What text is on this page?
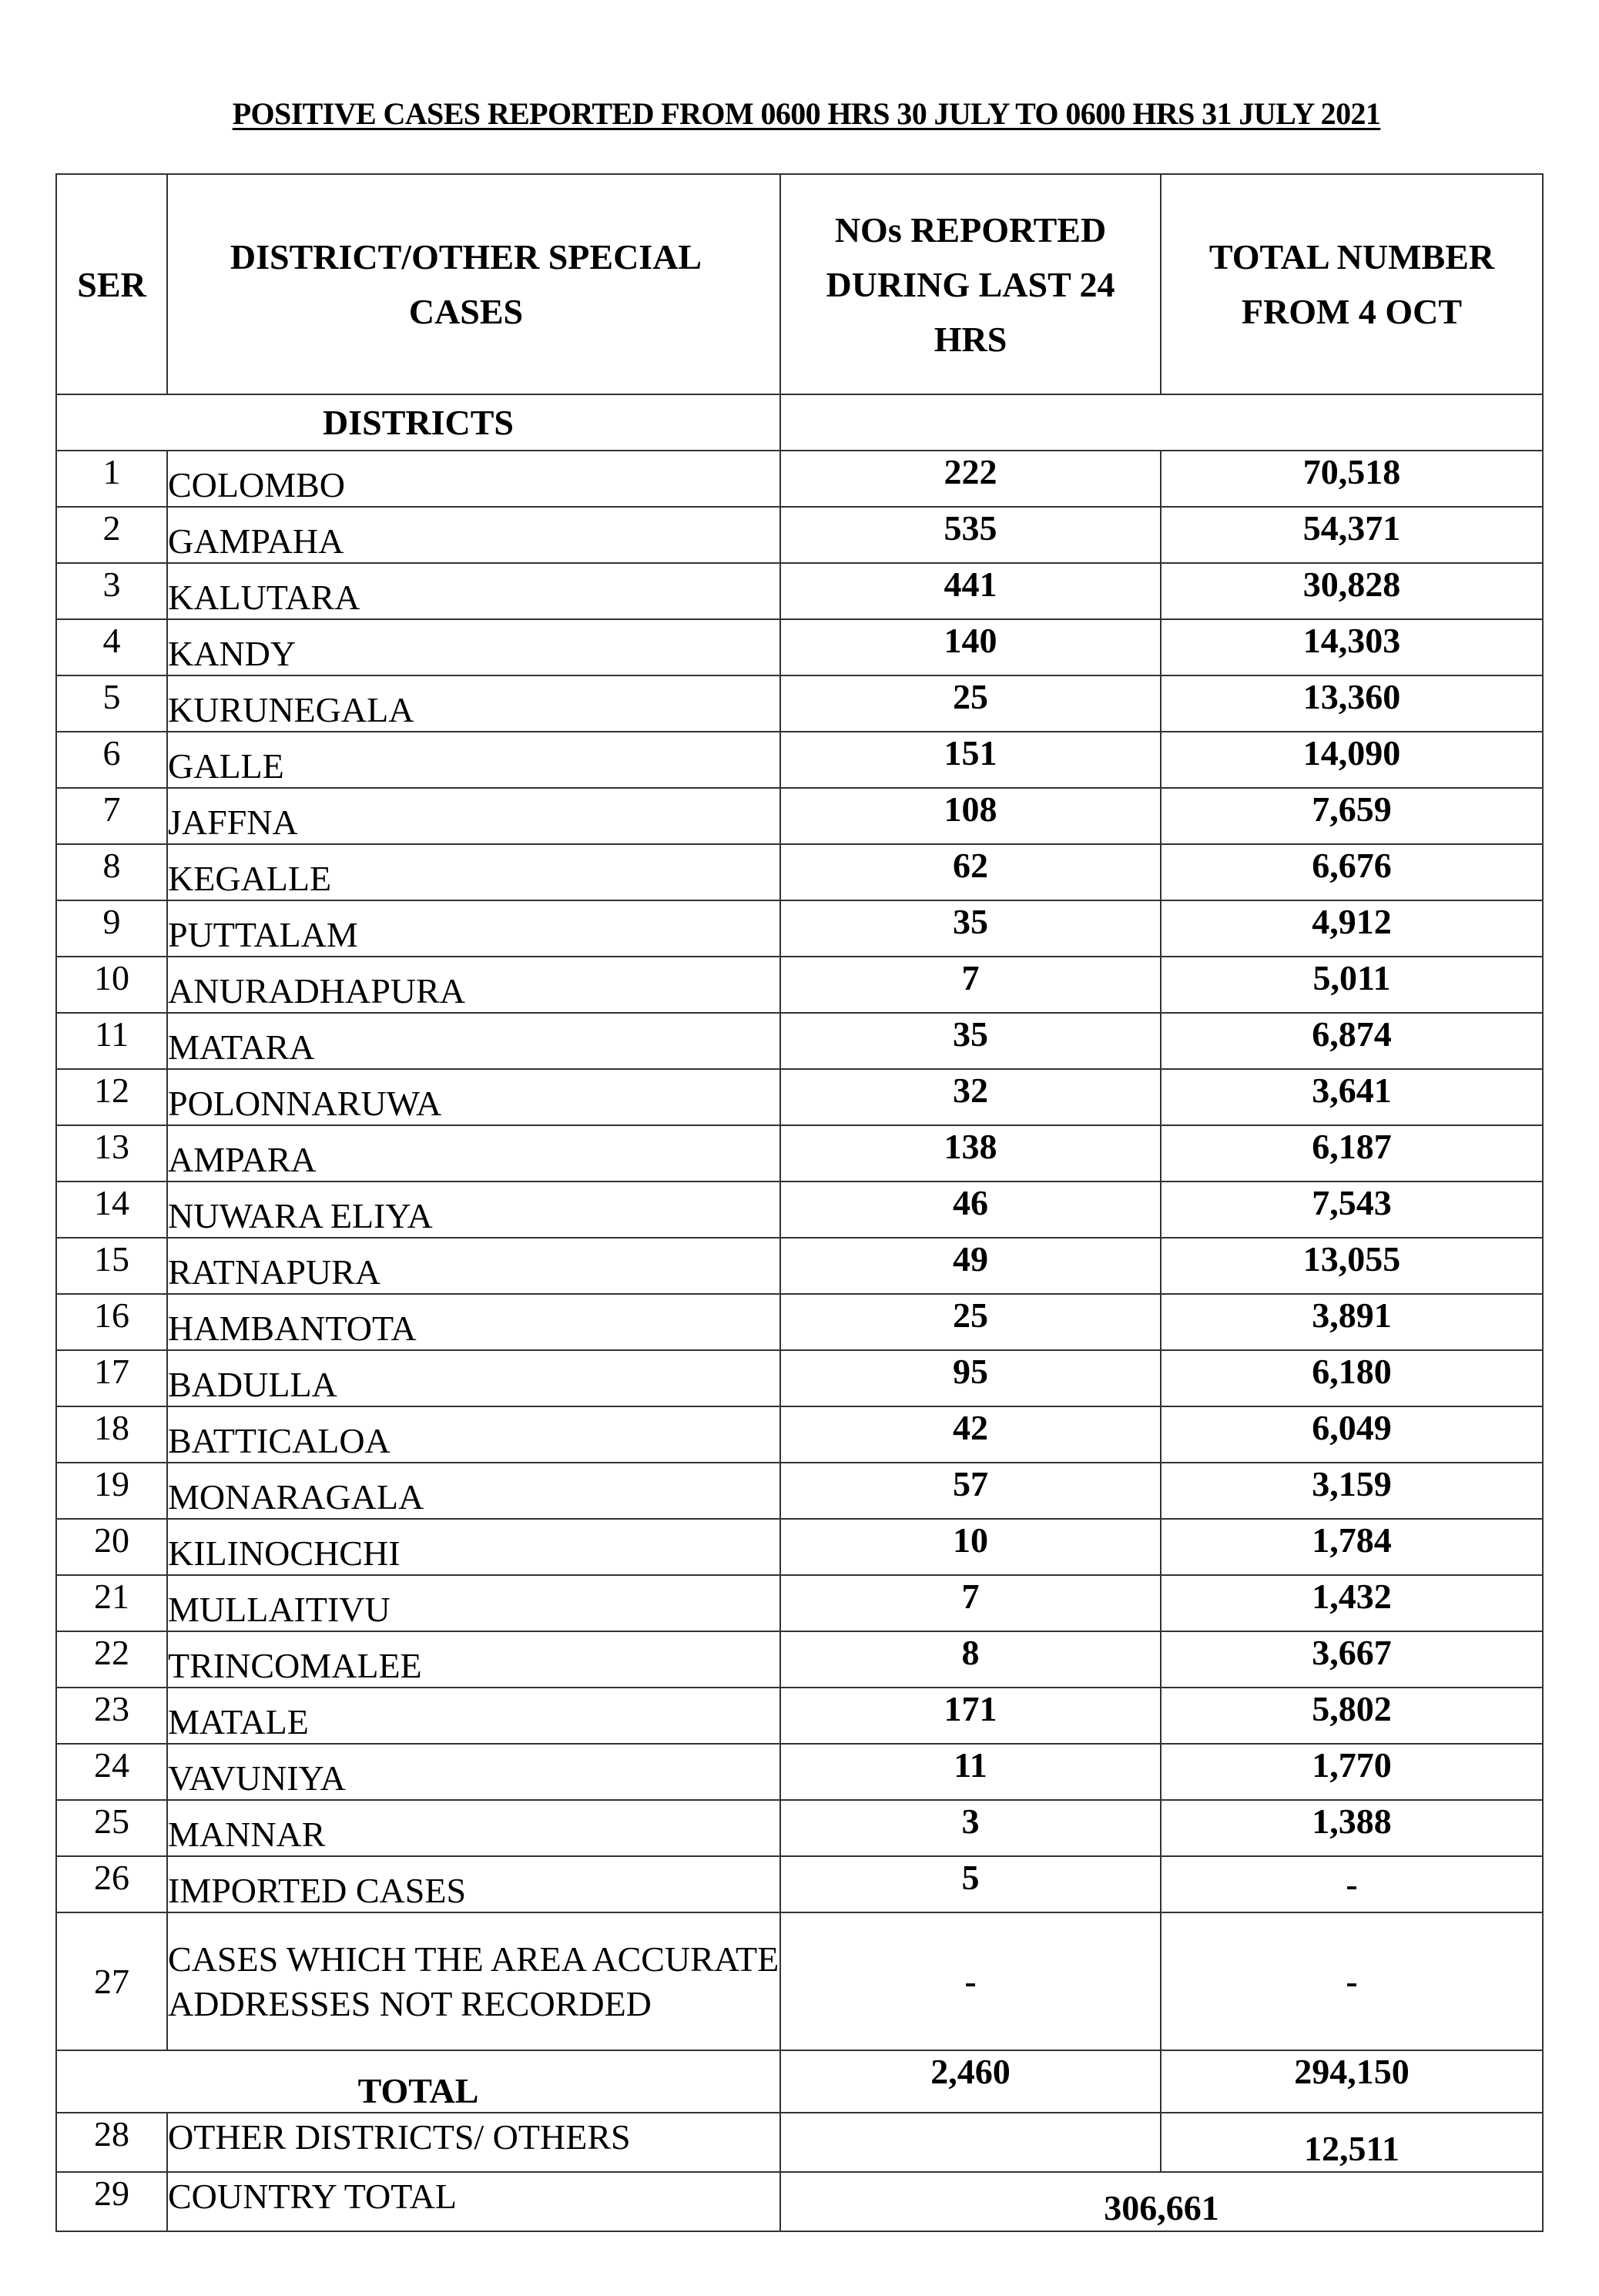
POSITIVE CASES REPORTED FROM 0600 HRS 30 JULY TO 0600 HRS 31 JULY 2021
SER	DISTRICT/OTHER SPECIAL CASES	NOs REPORTED DURING LAST 24 HRS	TOTAL NUMBER FROM 4 OCT
DISTRICTS			
1	COLOMBO	222	70,518
2	GAMPAHA	535	54,371
3	KALUTARA	441	30,828
4	KANDY	140	14,303
5	KURUNEGALA	25	13,360
6	GALLE	151	14,090
7	JAFFNA	108	7,659
8	KEGALLE	62	6,676
9	PUTTALAM	35	4,912
10	ANURADHAPURA	7	5,011
11	MATARA	35	6,874
12	POLONNARUWA	32	3,641
13	AMPARA	138	6,187
14	NUWARA ELIYA	46	7,543
15	RATNAPURA	49	13,055
16	HAMBANTOTA	25	3,891
17	BADULLA	95	6,180
18	BATTICALOA	42	6,049
19	MONARAGALA	57	3,159
20	KILINOCHCHI	10	1,784
21	MULLAITIVU	7	1,432
22	TRINCOMALEE	8	3,667
23	MATALE	171	5,802
24	VAVUNIYA	11	1,770
25	MANNAR	3	1,388
26	IMPORTED CASES	5	-
27	CASES WHICH THE AREA ACCURATE ADDRESSES NOT RECORDED	-	-
TOTAL		2,460	294,150
28	OTHER DISTRICTS/ OTHERS		12,511
29	COUNTRY TOTAL	306,661	
